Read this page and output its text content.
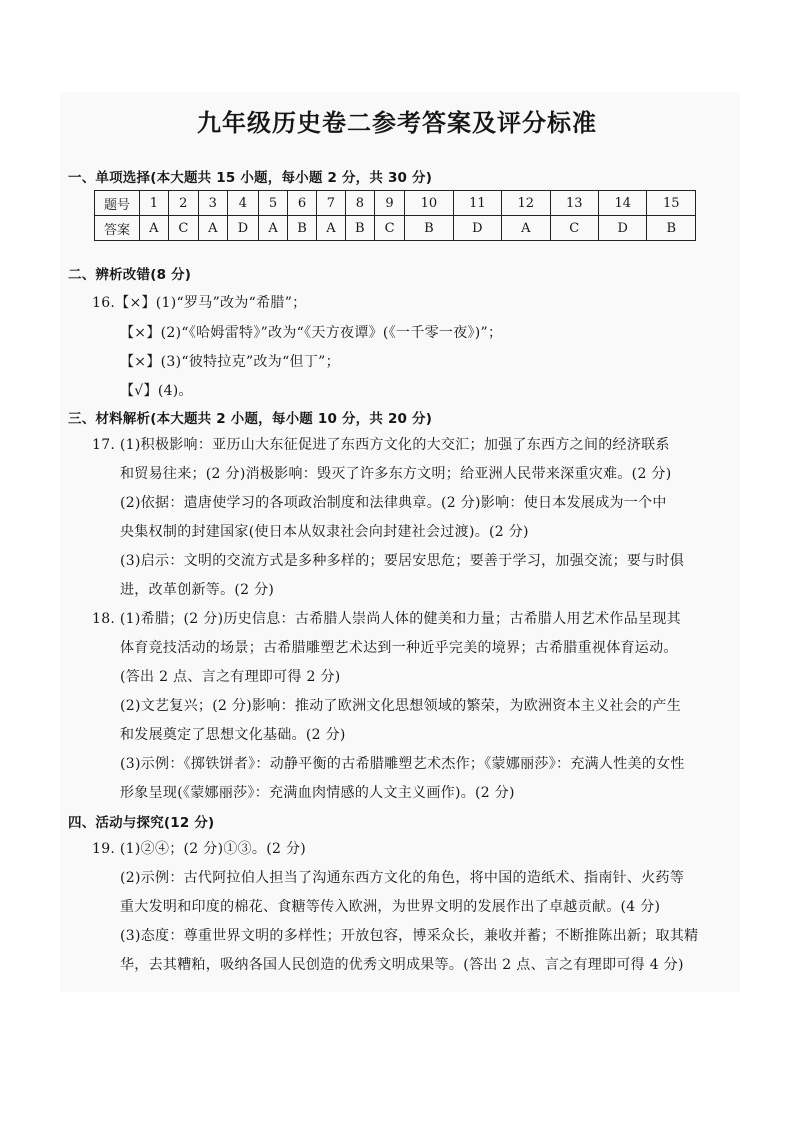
九年级历史卷二参考答案及评分标准
一、单项选择(本大题共 15 小题，每小题 2 分，共 30 分)
题号	1	2	3	4	5	6	7	8	9	10	11	12	13	14	15
答案	A	C	A	D	A	B	A	B	C	B	D	A	C	D	B
二、辨析改错(8 分)
16.【×】(1)“罗马”改为“希腊”；
【×】(2)“《哈姆雷特》”改为“《天方夜谭》(《一千零一夜》)”；
【×】(3)“彼特拉克”改为“但丁”；
【√】(4)。
三、材料解析(本大题共 2 小题，每小题 10 分，共 20 分)
17. (1)积极影响：亚历山大东征促进了东西方文化的大交汇；加强了东西方之间的经济联系
和贸易往来；(2 分)消极影响：毁灭了许多东方文明；给亚洲人民带来深重灾难。(2 分)
(2)依据：遣唐使学习的各项政治制度和法律典章。(2 分)影响：使日本发展成为一个中
央集权制的封建国家(使日本从奴隶社会向封建社会过渡)。(2 分)
(3)启示：文明的交流方式是多种多样的；要居安思危；要善于学习，加强交流；要与时俱
进，改革创新等。(2 分)
18. (1)希腊；(2 分)历史信息：古希腊人崇尚人体的健美和力量；古希腊人用艺术作品呈现其
体育竞技活动的场景；古希腊雕塑艺术达到一种近乎完美的境界；古希腊重视体育运动。
(答出 2 点、言之有理即可得 2 分)
(2)文艺复兴；(2 分)影响：推动了欧洲文化思想领域的繁荣，为欧洲资本主义社会的产生
和发展奠定了思想文化基础。(2 分)
(3)示例：《掷铁饼者》：动静平衡的古希腊雕塑艺术杰作；《蒙娜丽莎》：充满人性美的女性
形象呈现(《蒙娜丽莎》：充满血肉情感的人文主义画作)。(2 分)
四、活动与探究(12 分)
19. (1)②④；(2 分)①③。(2 分)
(2)示例：古代阿拉伯人担当了沟通东西方文化的角色，将中国的造纸术、指南针、火药等
重大发明和印度的棉花、食糖等传入欧洲，为世界文明的发展作出了卓越贡献。(4 分)
(3)态度：尊重世界文明的多样性；开放包容，博采众长，兼收并蓄；不断推陈出新；取其精
华，去其糟粕，吸纳各国人民创造的优秀文明成果等。(答出 2 点、言之有理即可得 4 分)
